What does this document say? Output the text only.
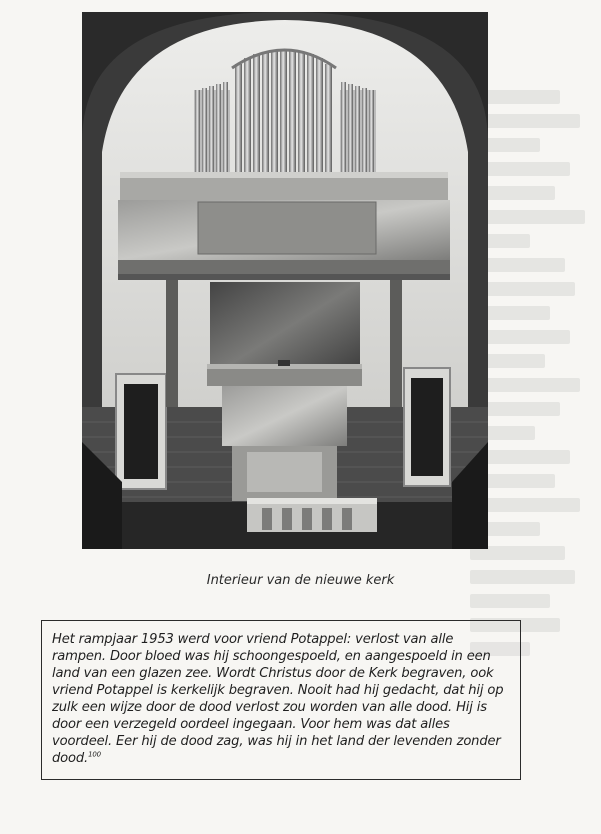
Interieur van de nieuwe kerk

Het rampjaar 1953 werd voor vriend Potappel: verlost van alle rampen. Door bloed was hij schoongespoeld, en aangespoeld in een land van een glazen zee. Wordt Christus door de Kerk begraven, ook vriend Potappel is kerkelijk begraven. Nooit had hij gedacht, dat hij op zulk een wijze door de dood verlost zou worden van alle dood. Hij is door een verzegeld oordeel ingegaan. Voor hem was dat alles voordeel. Eer hij de dood zag, was hij in het land der levenden zonder dood.$^{100}$
